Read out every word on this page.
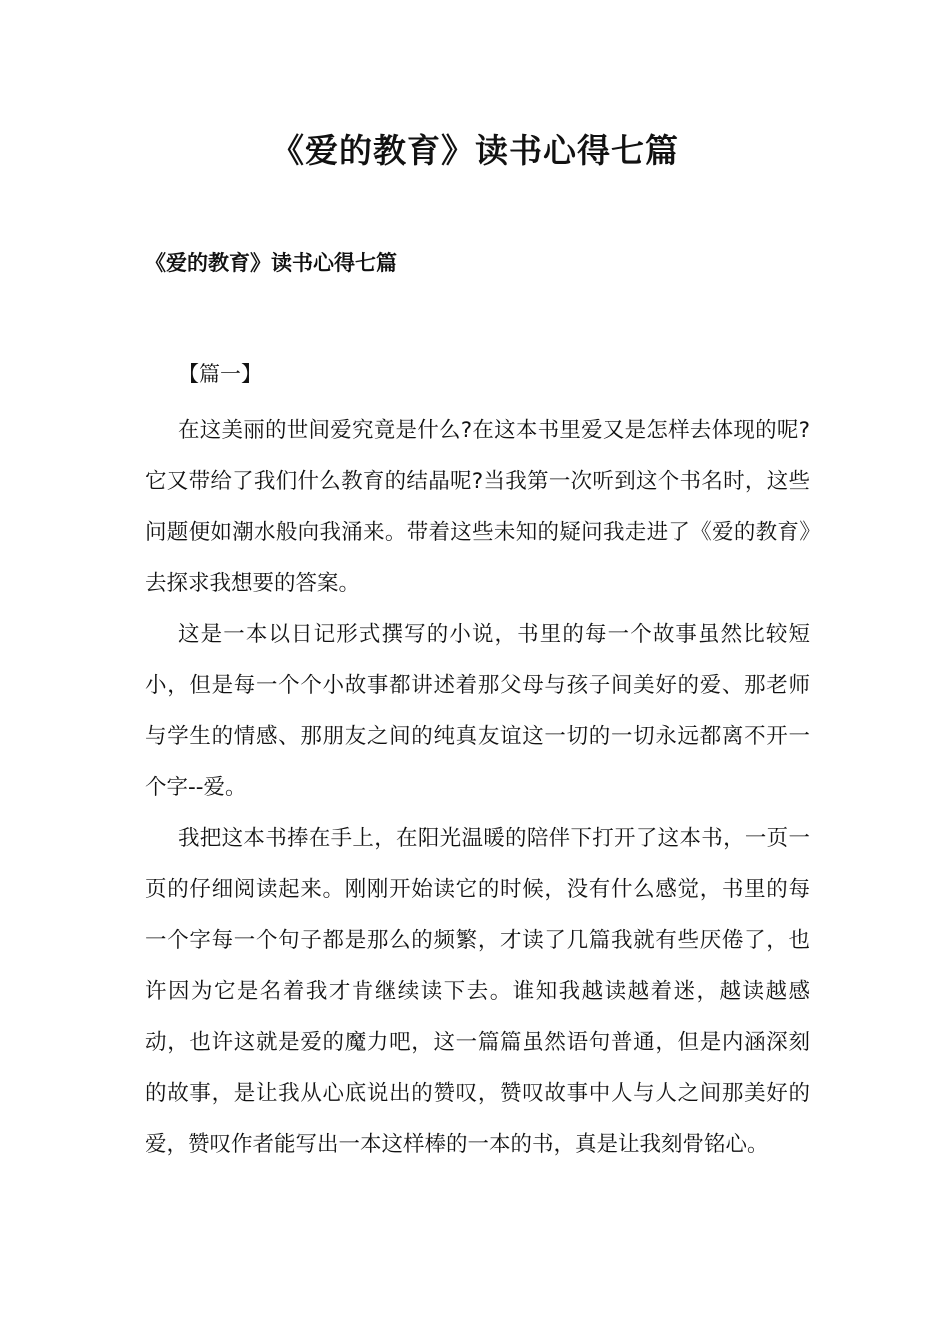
《爱的教育》读书心得七篇
《爱的教育》读书心得七篇
【篇一】

在这美丽的世间爱究竟是什么?在这本书里爱又是怎样去体现的呢?它又带给了我们什么教育的结晶呢?当我第一次听到这个书名时，这些问题便如潮水般向我涌来。带着这些未知的疑问我走进了《爱的教育》去探求我想要的答案。

这是一本以日记形式撰写的小说，书里的每一个故事虽然比较短小，但是每一个个小故事都讲述着那父母与孩子间美好的爱、那老师与学生的情感、那朋友之间的纯真友谊这一切的一切永远都离不开一个字--爱。

我把这本书捧在手上，在阳光温暖的陪伴下打开了这本书，一页一页的仔细阅读起来。刚刚开始读它的时候，没有什么感觉，书里的每一个字每一个句子都是那么的频繁，才读了几篇我就有些厌倦了，也许因为它是名着我才肯继续读下去。谁知我越读越着迷，越读越感动，也许这就是爱的魔力吧，这一篇篇虽然语句普通，但是内涵深刻的故事，是让我从心底说出的赞叹，赞叹故事中人与人之间那美好的爱，赞叹作者能写出一本这样棒的一本的书，真是让我刻骨铭心。
